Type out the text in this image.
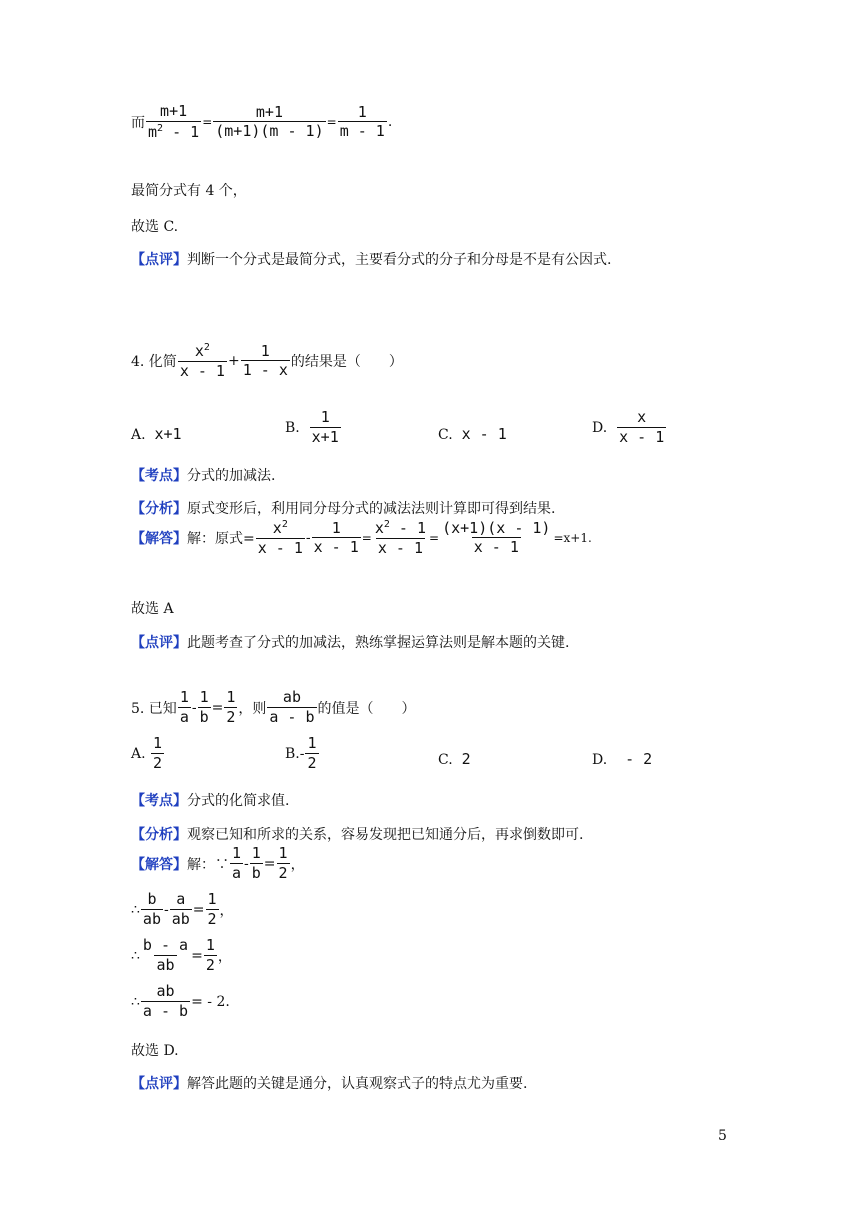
而 $\frac{m+1}{m^2 - 1} = \frac{m+1}{(m+1)(m - 1)} = \frac{1}{m - 1}$ .
最简分式有 4 个，
故选 C.
【点评】判断一个分式是最简分式，主要看分式的分子和分母是不是有公因式.
4. 化简 $\frac{x^2}{x - 1} + \frac{1}{1 - x}$ 的结果是（　　）
A. x+1	B.
$\frac{1}{x+1}$	C. x - 1	D.
$\frac{x}{x - 1}$
【考点】分式的加减法.
【分析】原式变形后，利用同分母分式的减法法则计算即可得到结果.
【解答】 解：原式= $\frac{x^2}{x - 1} - \frac{1}{x - 1} = \frac{x^2 - 1}{x - 1} = \frac{(x+1)(x - 1)}{x - 1} =x+1$.
故选 A
【点评】此题考查了分式的加减法，熟练掌握运算法则是解本题的关键.
5. 已知 $\frac{1}{a} - \frac{1}{b} = \frac{1}{2}$ ，则 $\frac{ab}{a - b}$ 的值是（　　）
A.
$\frac{1}{2}$	B. - $\frac{1}{2}$	C. 2	D.   - 2
【考点】分式的化简求值.
【分析】观察已知和所求的关系，容易发现把已知通分后，再求倒数即可.
【解答】 解：∵ $\frac{1}{a} - \frac{1}{b} = \frac{1}{2}$ ，
∴ $\frac{b}{ab} - \frac{a}{ab} = \frac{1}{2}$ ，
∴ $\frac{b - a}{ab} = \frac{1}{2}$ ，
∴ $\frac{ab}{a - b}$ = - 2.
故选 D.
【点评】解答此题的关键是通分，认真观察式子的特点尤为重要.
5
